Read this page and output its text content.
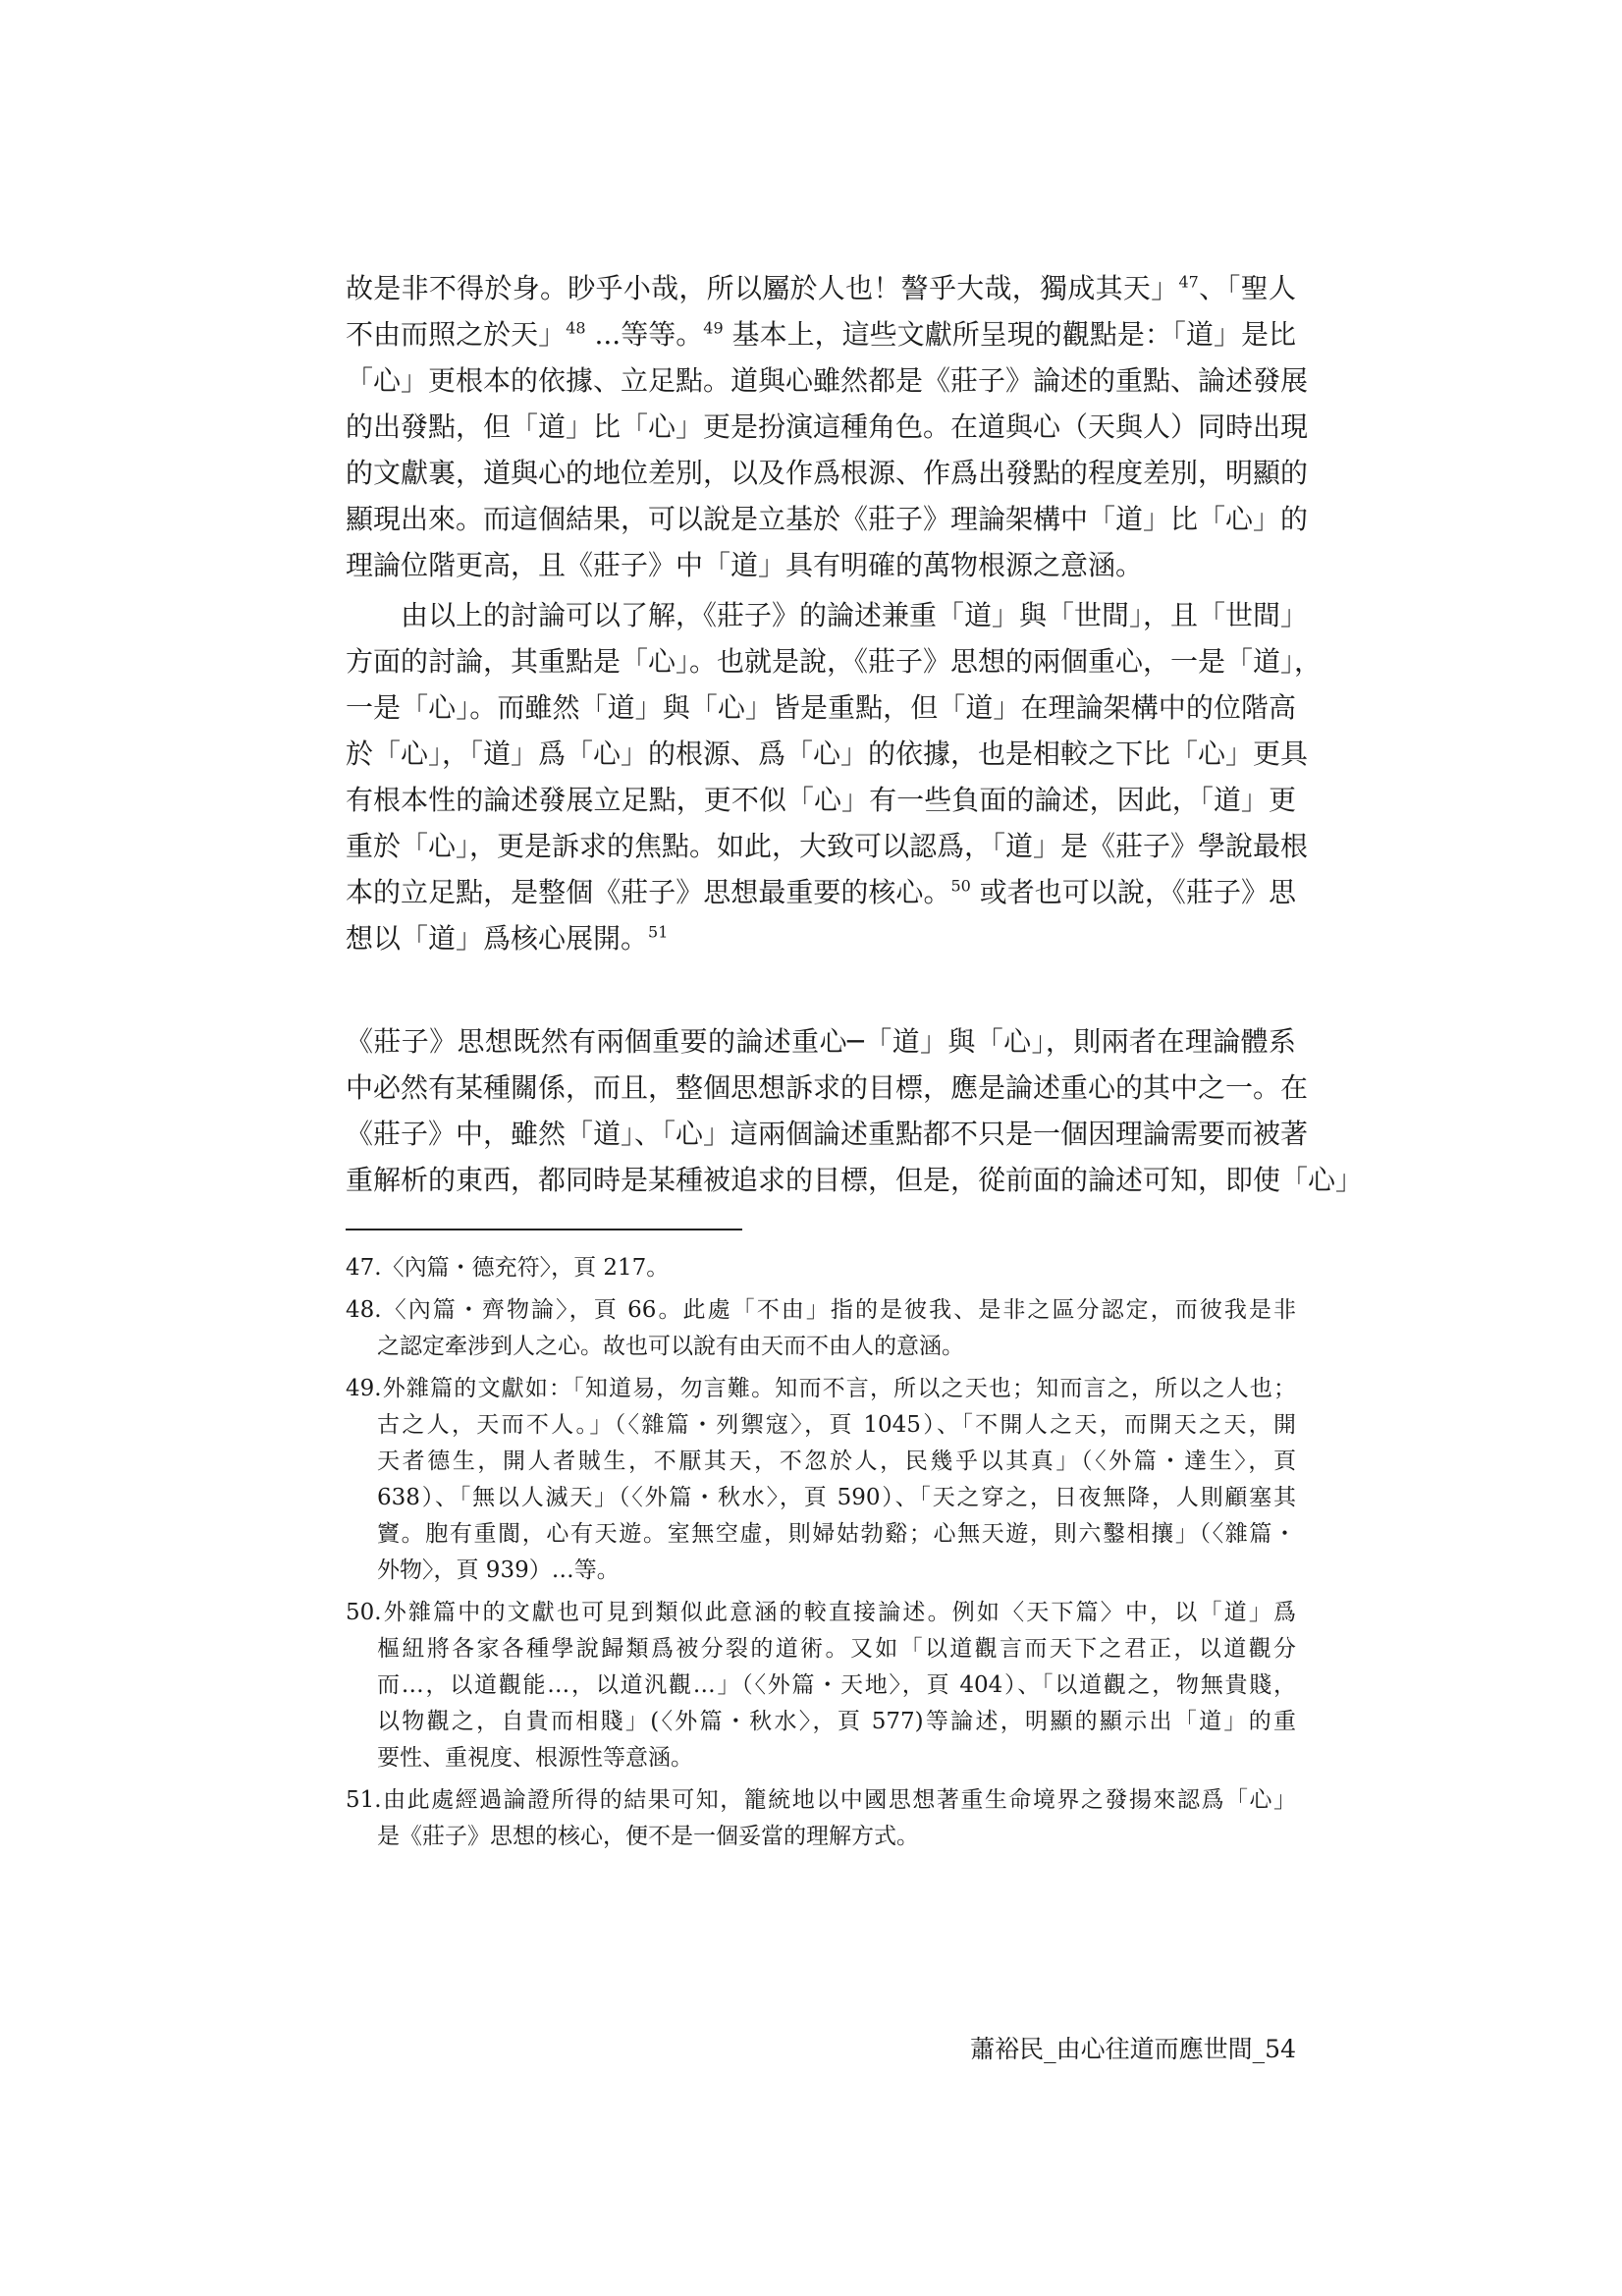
故是非不得於身。眇乎小哉，所以屬於人也！謷乎大哉，獨成其天」$^{47}$、「聖人
不由而照之於天」$^{48}$ ...等等。$^{49}$ 基本上，這些文獻所呈現的觀點是：「道」是比
「心」更根本的依據、立足點。道與心雖然都是《莊子》論述的重點、論述發展
的出發點，但「道」比「心」更是扮演這種角色。在道與心（天與人）同時出現
的文獻裏，道與心的地位差別，以及作爲根源、作爲出發點的程度差別，明顯的
顯現出來。而這個結果，可以說是立基於《莊子》理論架構中「道」比「心」的
理論位階更高，且《莊子》中「道」具有明確的萬物根源之意涵。
由以上的討論可以了解，《莊子》的論述兼重「道」與「世間」，且「世間」
方面的討論，其重點是「心」。也就是說，《莊子》思想的兩個重心，一是「道」，
一是「心」。而雖然「道」與「心」皆是重點，但「道」在理論架構中的位階高
於「心」，「道」爲「心」的根源、爲「心」的依據，也是相較之下比「心」更具
有根本性的論述發展立足點，更不似「心」有一些負面的論述，因此，「道」更
重於「心」，更是訴求的焦點。如此，大致可以認爲，「道」是《莊子》學說最根
本的立足點，是整個《莊子》思想最重要的核心。$^{50}$ 或者也可以說，《莊子》思
想以「道」爲核心展開。$^{51}$
《莊子》思想既然有兩個重要的論述重心─「道」與「心」，則兩者在理論體系
中必然有某種關係，而且，整個思想訴求的目標，應是論述重心的其中之一。在
《莊子》中，雖然「道」、「心」這兩個論述重點都不只是一個因理論需要而被著
重解析的東西，都同時是某種被追求的目標，但是，從前面的論述可知，即使「心」
47.〈內篇・德充符〉，頁 217。
48.〈內篇・齊物論〉，頁 66。此處「不由」指的是彼我、是非之區分認定，而彼我是非
之認定牽涉到人之心。故也可以說有由天而不由人的意涵。
49.外雜篇的文獻如：「知道易，勿言難。知而不言，所以之天也；知而言之，所以之人也；
古之人，天而不人。」（〈雜篇・列禦寇〉，頁 1045）、「不開人之天，而開天之天，開
天者德生，開人者賊生，不厭其天，不忽於人，民幾乎以其真」（〈外篇・達生〉，頁
638）、「無以人滅天」（〈外篇・秋水〉，頁 590）、「天之穿之，日夜無降，人則顧塞其
竇。胞有重閬，心有天遊。室無空虛，則婦姑勃谿；心無天遊，則六鑿相攘」（〈雜篇・
外物〉，頁 939）…等。
50.外雜篇中的文獻也可見到類似此意涵的較直接論述。例如〈天下篇〉中，以「道」爲
樞紐將各家各種學說歸類爲被分裂的道術。又如「以道觀言而天下之君正，以道觀分
而…，以道觀能…，以道汎觀…」（〈外篇・天地〉，頁 404）、「以道觀之，物無貴賤，
以物觀之，自貴而相賤」(〈外篇・秋水〉，頁 577)等論述，明顯的顯示出「道」的重
要性、重視度、根源性等意涵。
51.由此處經過論證所得的結果可知，籠統地以中國思想著重生命境界之發揚來認爲「心」
是《莊子》思想的核心，便不是一個妥當的理解方式。
蕭裕民_由心往道而應世間_54
